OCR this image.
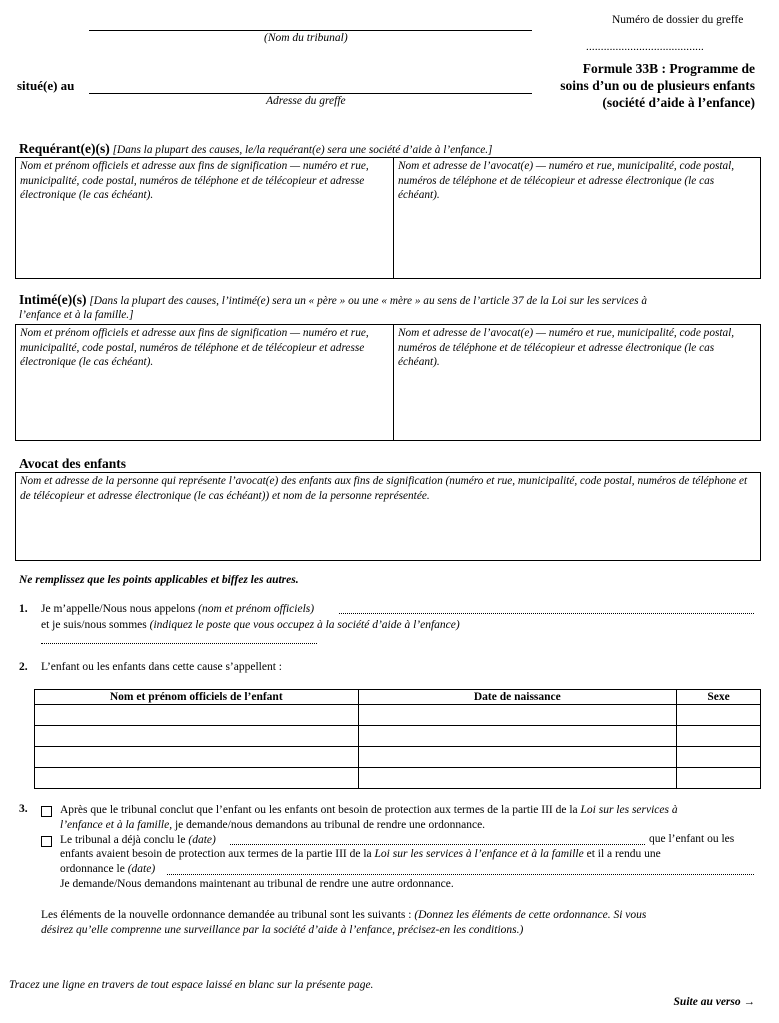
(Nom du tribunal)
situé(e) au
Adresse du greffe
Numéro de dossier du greffe
........................................
Formule 33B : Programme de
soins d’un ou de plusieurs enfants
(société d’aide à l’enfance)
Requérant(e)(s) [Dans la plupart des causes, le/la requérant(e) sera une société d’aide à l’enfance.]
Nom et prénom officiels et adresse aux fins de signification — numéro et rue, municipalité, code postal, numéros de téléphone et de télécopieur et adresse électronique (le cas échéant).
Nom et adresse de l’avocat(e) — numéro et rue, municipalité, code postal, numéros de téléphone et de télécopieur et adresse électronique (le cas échéant).
Intimé(e)(s) [Dans la plupart des causes, l’intimé(e) sera un « père » ou une « mère » au sens de l’article 37 de la Loi sur les services à
l’enfance et à la famille.]
Nom et prénom officiels et adresse aux fins de signification — numéro et rue, municipalité, code postal, numéros de téléphone et de télécopieur et adresse électronique (le cas échéant).
Nom et adresse de l’avocat(e) — numéro et rue, municipalité, code postal, numéros de téléphone et de télécopieur et adresse électronique (le cas échéant).
Avocat des enfants
Nom et adresse de la personne qui représente l’avocat(e) des enfants aux fins de signification (numéro et rue, municipalité, code postal, numéros de téléphone et de télécopieur et adresse électronique (le cas échéant)) et nom de la personne représentée.
Ne remplissez que les points applicables et biffez les autres.
1. Je m’appelle/Nous nous appelons (nom et prénom officiels)
et je suis/nous sommes (indiquez le poste que vous occupez à la société d’aide à l’enfance)
2. L’enfant ou les enfants dans cette cause s’appellent :
Nom et prénom officiels de l’enfant	Date de naissance	Sexe

3.	Après que le tribunal conclut que l’enfant ou les enfants ont besoin de protection aux termes de la partie III de la Loi sur les services à
l’enfance et à la famille, je demande/nous demandons au tribunal de rendre une ordonnance.
Le tribunal a déjà conclu le (date)	que l’enfant ou les
enfants avaient besoin de protection aux termes de la partie III de la Loi sur les services à l’enfance et à la famille et il a rendu une
ordonnance le (date)
Je demande/Nous demandons maintenant au tribunal de rendre une autre ordonnance.
Les éléments de la nouvelle ordonnance demandée au tribunal sont les suivants : (Donnez les éléments de cette ordonnance. Si vous
désirez qu’elle comprenne une surveillance par la société d’aide à l’enfance, précisez-en les conditions.)
Tracez une ligne en travers de tout espace laissé en blanc sur la présente page.
Suite au verso →
